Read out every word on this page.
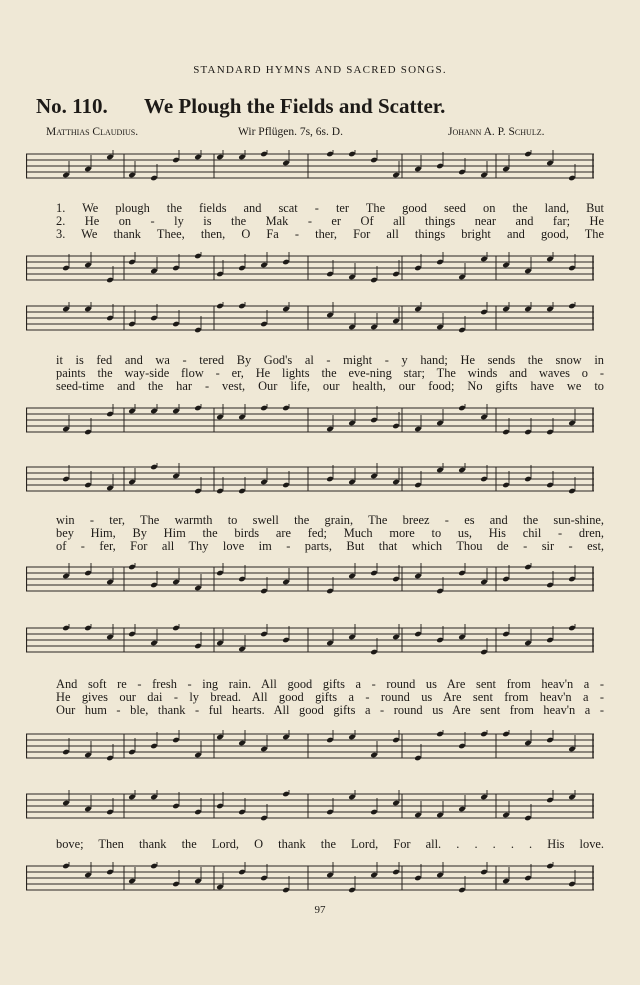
STANDARD HYMNS AND SACRED SONGS.
No. 110. We Plough the Fields and Scatter.
Matthias Claudius.	Wir Pflügen. 7s, 6s. D.	Johann A. P. Schulz.
1. We plough the fields and scat - ter The good seed on the land, But
2. He on - ly is the Mak - er Of all things near and far; He
3. We thank Thee, then, O Fa - ther, For all things bright and good, The
it is fed and wa - tered By God's al - might - y hand; He sends the snow in
paints the way-side flow - er, He lights the eve-ning star; The winds and waves o -
seed-time and the har - vest, Our life, our health, our food; No gifts have we to
win - ter, The warmth to swell the grain, The breez - es and the sun-shine,
bey Him, By Him the birds are fed; Much more to us, His chil - dren,
of - fer, For all Thy love im - parts, But that which Thou de - sir - est,
And soft re - fresh - ing rain. All good gifts a - round us Are sent from heav'n a -
He gives our dai - ly bread. All good gifts a - round us Are sent from heav'n a -
Our hum - ble, thank - ful hearts. All good gifts a - round us Are sent from heav'n a -
bove; Then thank the Lord, O thank the Lord, For all. . . . . . His love.
97
